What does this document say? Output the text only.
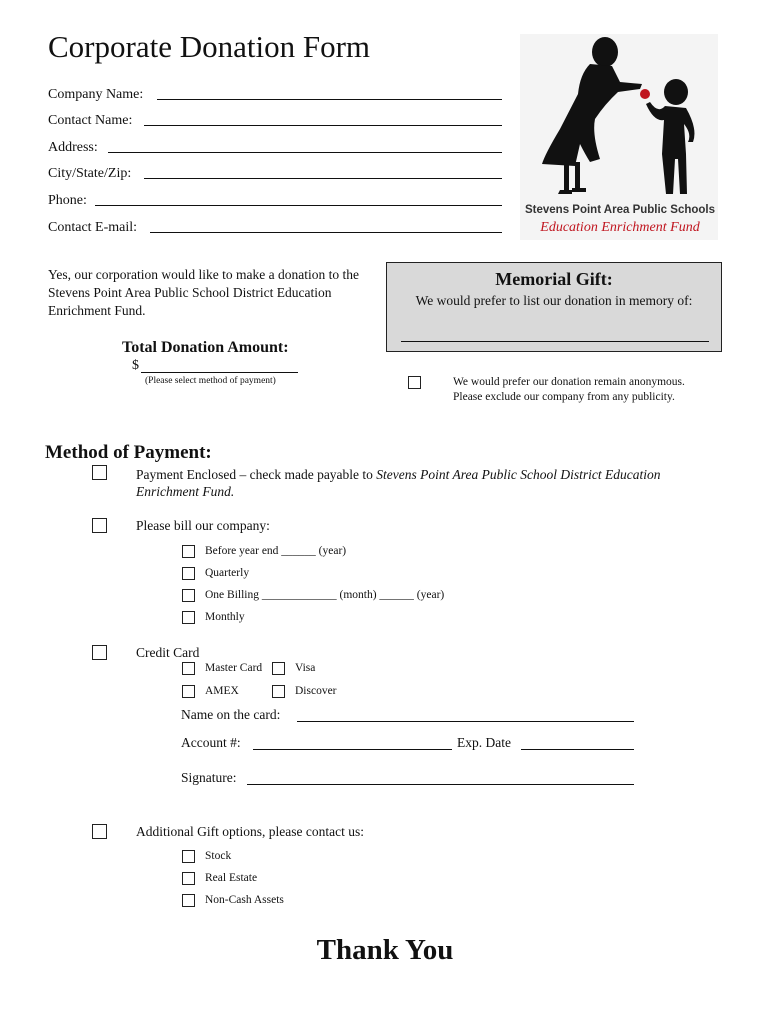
Corporate Donation Form
Company Name:
Contact Name:
Address:
City/State/Zip:
Phone:
Contact E-mail:
Stevens Point Area Public Schools
Education Enrichment Fund
Yes, our corporation would like to make a donation to the Stevens Point Area Public School District Education Enrichment Fund.
Total Donation Amount:
$
(Please select method of payment)
Memorial Gift:
We would prefer to list our donation in memory of:
We would prefer our donation remain anonymous.
Please exclude our company from any publicity.
Method of Payment:
Payment Enclosed – check made payable to Stevens Point Area Public School District Education
Enrichment Fund.
Please bill our company:
Before year end ______ (year)
Quarterly
One Billing _____________ (month) ______ (year)
Monthly
Credit Card
Master Card	Visa
AMEX	Discover
Name on the card:
Account #:	Exp. Date
Signature:
Additional Gift options, please contact us:
Stock
Real Estate
Non-Cash Assets
Thank You
